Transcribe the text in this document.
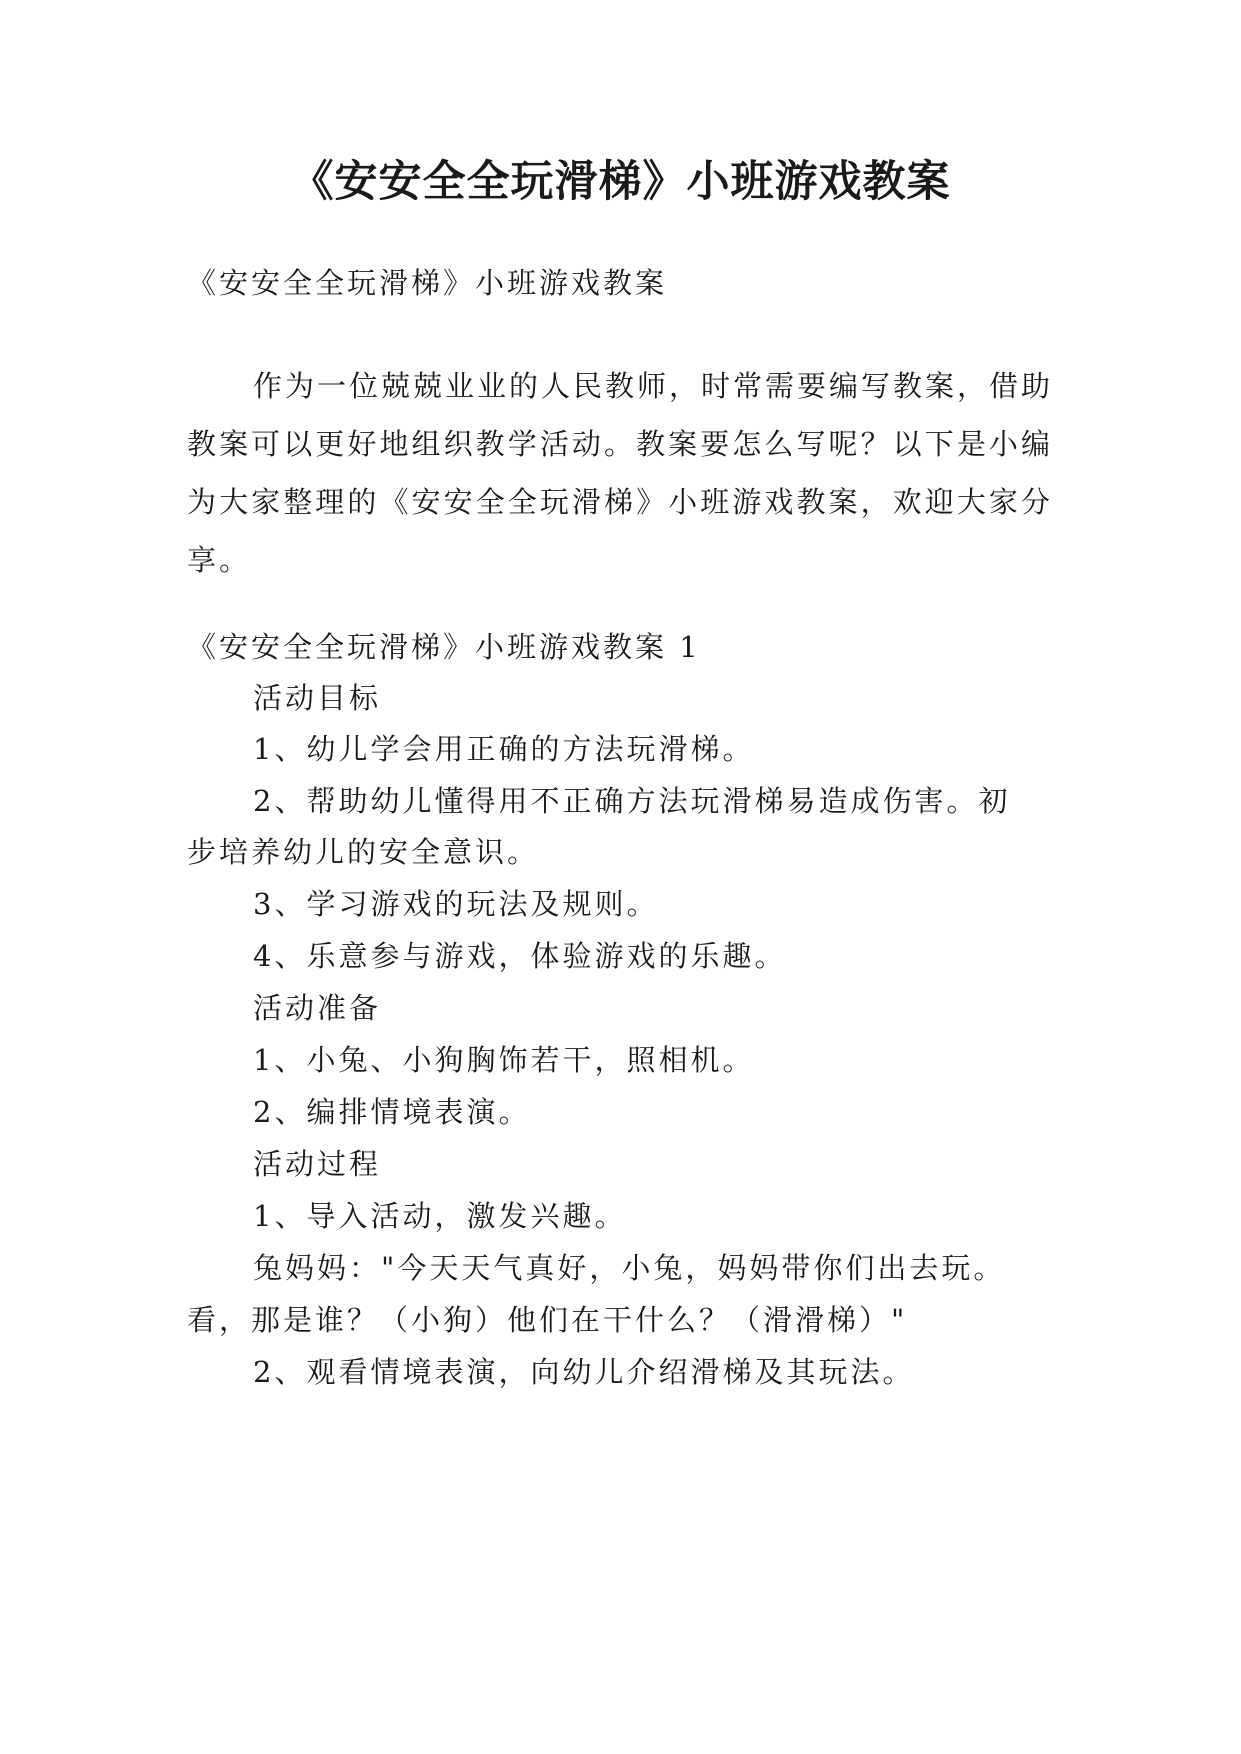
《安安全全玩滑梯》小班游戏教案
《安安全全玩滑梯》小班游戏教案

作为一位兢兢业业的人民教师，时常需要编写教案，借助教案可以更好地组织教学活动。教案要怎么写呢？以下是小编为大家整理的《安安全全玩滑梯》小班游戏教案，欢迎大家分享。

《安安全全玩滑梯》小班游戏教案 1
活动目标
1、幼儿学会用正确的方法玩滑梯。
2、帮助幼儿懂得用不正确方法玩滑梯易造成伤害。初
步培养幼儿的安全意识。
3、学习游戏的玩法及规则。
4、乐意参与游戏，体验游戏的乐趣。
活动准备
1、小兔、小狗胸饰若干，照相机。
2、编排情境表演。
活动过程
1、导入活动，激发兴趣。
兔妈妈："今天天气真好，小兔，妈妈带你们出去玩。
看，那是谁？（小狗）他们在干什么？（滑滑梯）"
2、观看情境表演，向幼儿介绍滑梯及其玩法。
